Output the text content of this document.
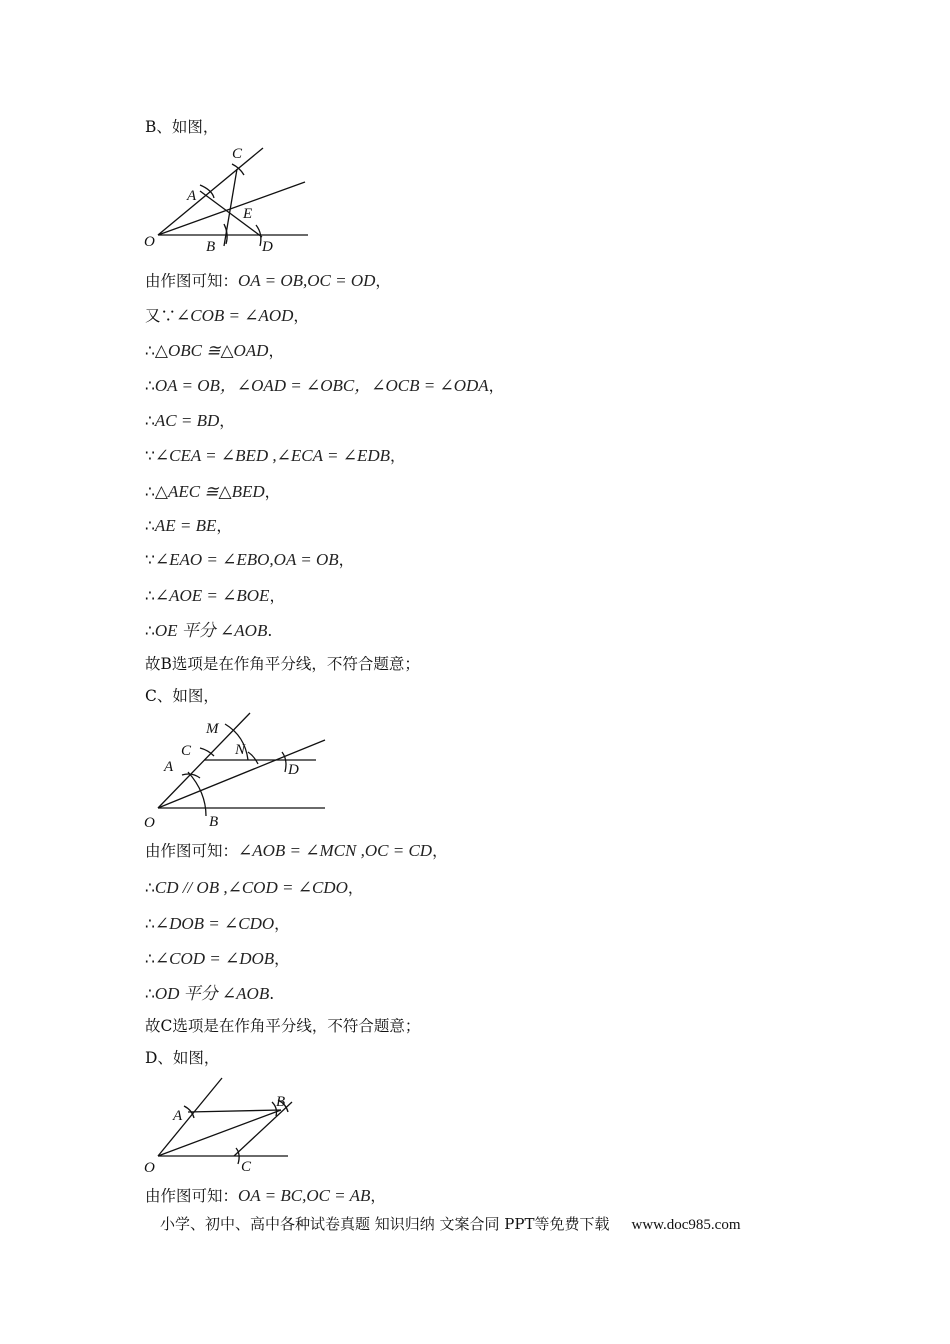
B、如图，
C
A
E
O	B	D
由作图可知：OA = OB,OC = OD，
又∵∠COB = ∠AOD，
∴△OBC ≅△OAD，
∴OA = OB，∠OAD = ∠OBC，∠OCB = ∠ODA，
∴AC = BD，
∵∠CEA = ∠BED ,∠ECA = ∠EDB，
∴△AEC ≅△BED，
∴AE = BE，
∵∠EAO = ∠EBO,OA = OB，
∴∠AOE = ∠BOE，
∴OE 平分 ∠AOB.
故B选项是在作角平分线，不符合题意；
C、如图，
M
C	N
A	D
O	B
由作图可知：∠AOB = ∠MCN ,OC = CD，
∴CD // OB ,∠COD = ∠CDO，
∴∠DOB = ∠CDO，
∴∠COD = ∠DOB，
∴OD 平分 ∠AOB.
故C选项是在作角平分线，不符合题意；
D、如图，
A
B
O	C
由作图可知：OA = BC,OC = AB，
小学、初中、高中各种试卷真题 知识归纳 文案合同 PPT等免费下载 www.doc985.com
